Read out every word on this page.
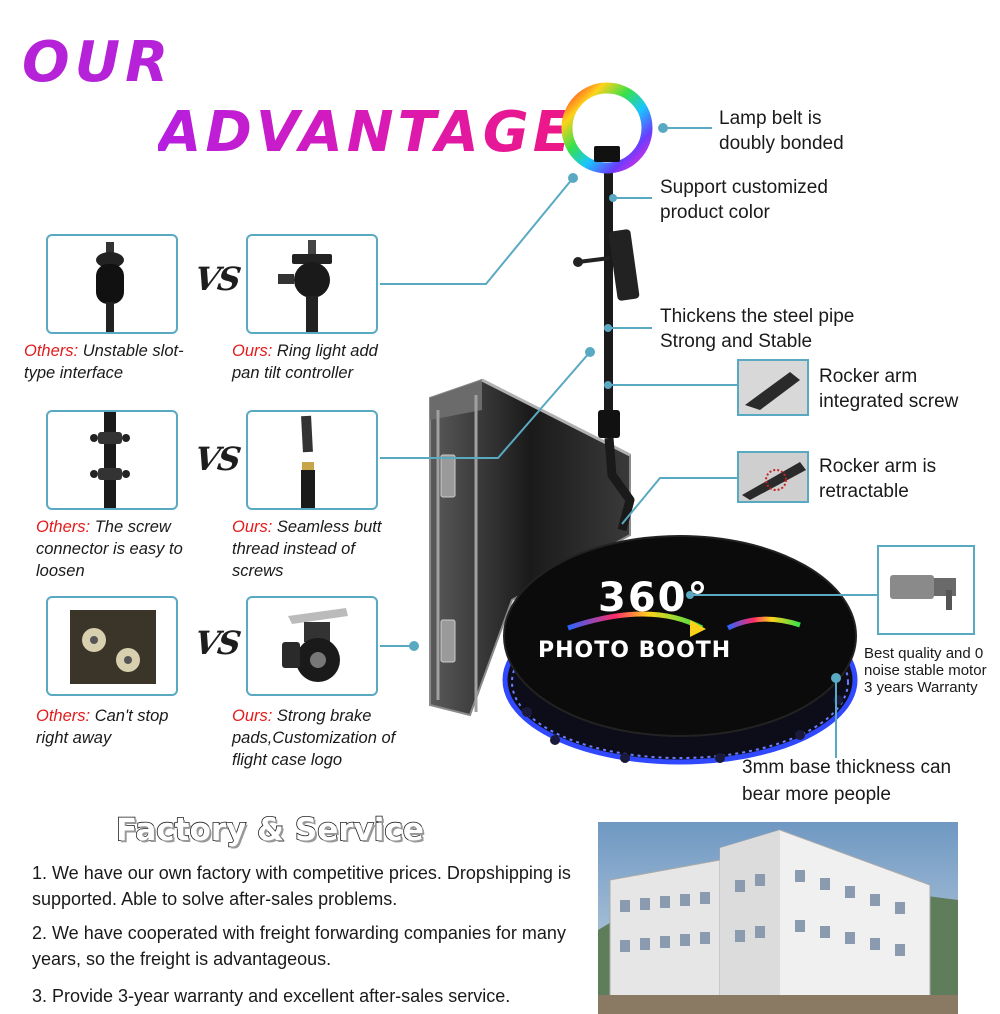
OUR
ADVANTAGE
360°
PHOTO BOOTH
VS
Others: Unstable slot-type interface
Ours: Ring light add pan tilt controller
VS
Others: The screw connector is easy to loosen
Ours: Seamless butt thread instead of screws
VS
Others: Can't stop right away
Ours: Strong brake pads,Customization of flight case logo
Lamp belt is doubly bonded
Support customized product color
Thickens the steel pipe Strong and Stable
Rocker arm integrated screw
Rocker arm is retractable
Best quality and 0 noise stable motor 3 years Warranty
3mm base thickness can bear more people
Factory & Service
1. We have our own factory with competitive prices. Dropshipping is supported. Able to solve after-sales problems.
2. We have cooperated with freight forwarding companies for many years, so the freight is advantageous.
3. Provide 3-year warranty and excellent after-sales service.
